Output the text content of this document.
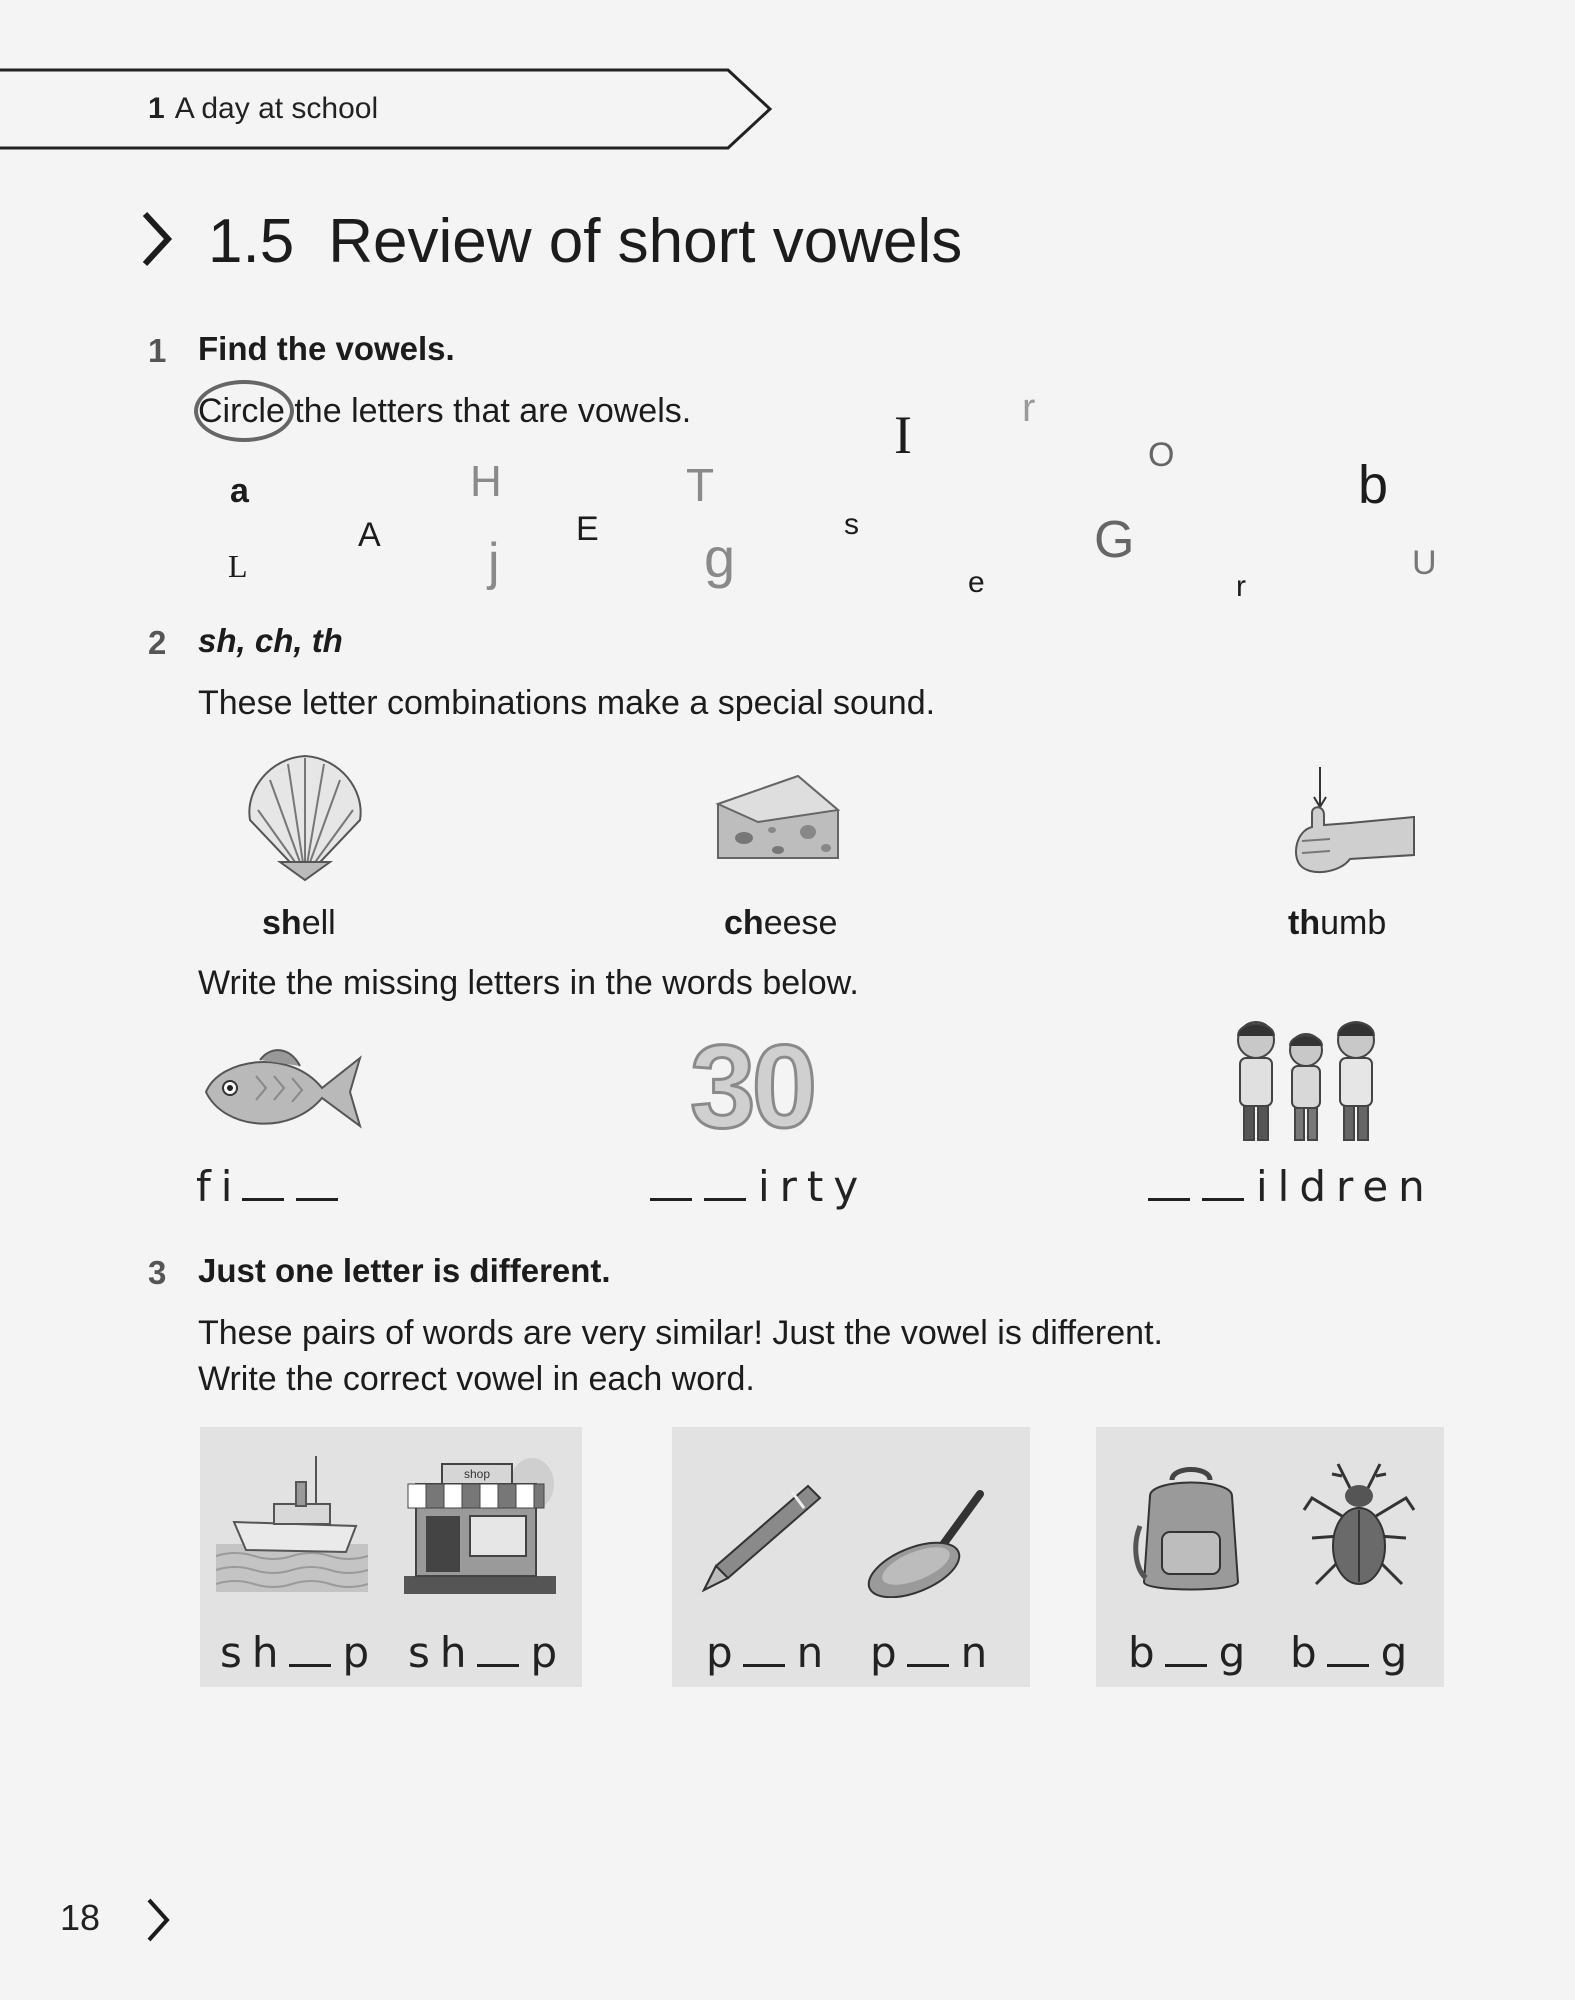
1 A day at school
1.5 Review of short vowels
1 Find the vowels.
Circle the letters that are vowels.
a
L
A
H
j
E
T
g
s
I	r
e
O
G
r
b
U
2 sh, ch, th
These letter combinations make a special sound.
shell	cheese	thumb
Write the missing letters in the words below.
30
fi	irty	ildren
3 Just one letter is different.
These pairs of words are very similar! Just the vowel is different.
Write the correct vowel in each word.
shop
sh p sh p	p n p n	b g b g
18
